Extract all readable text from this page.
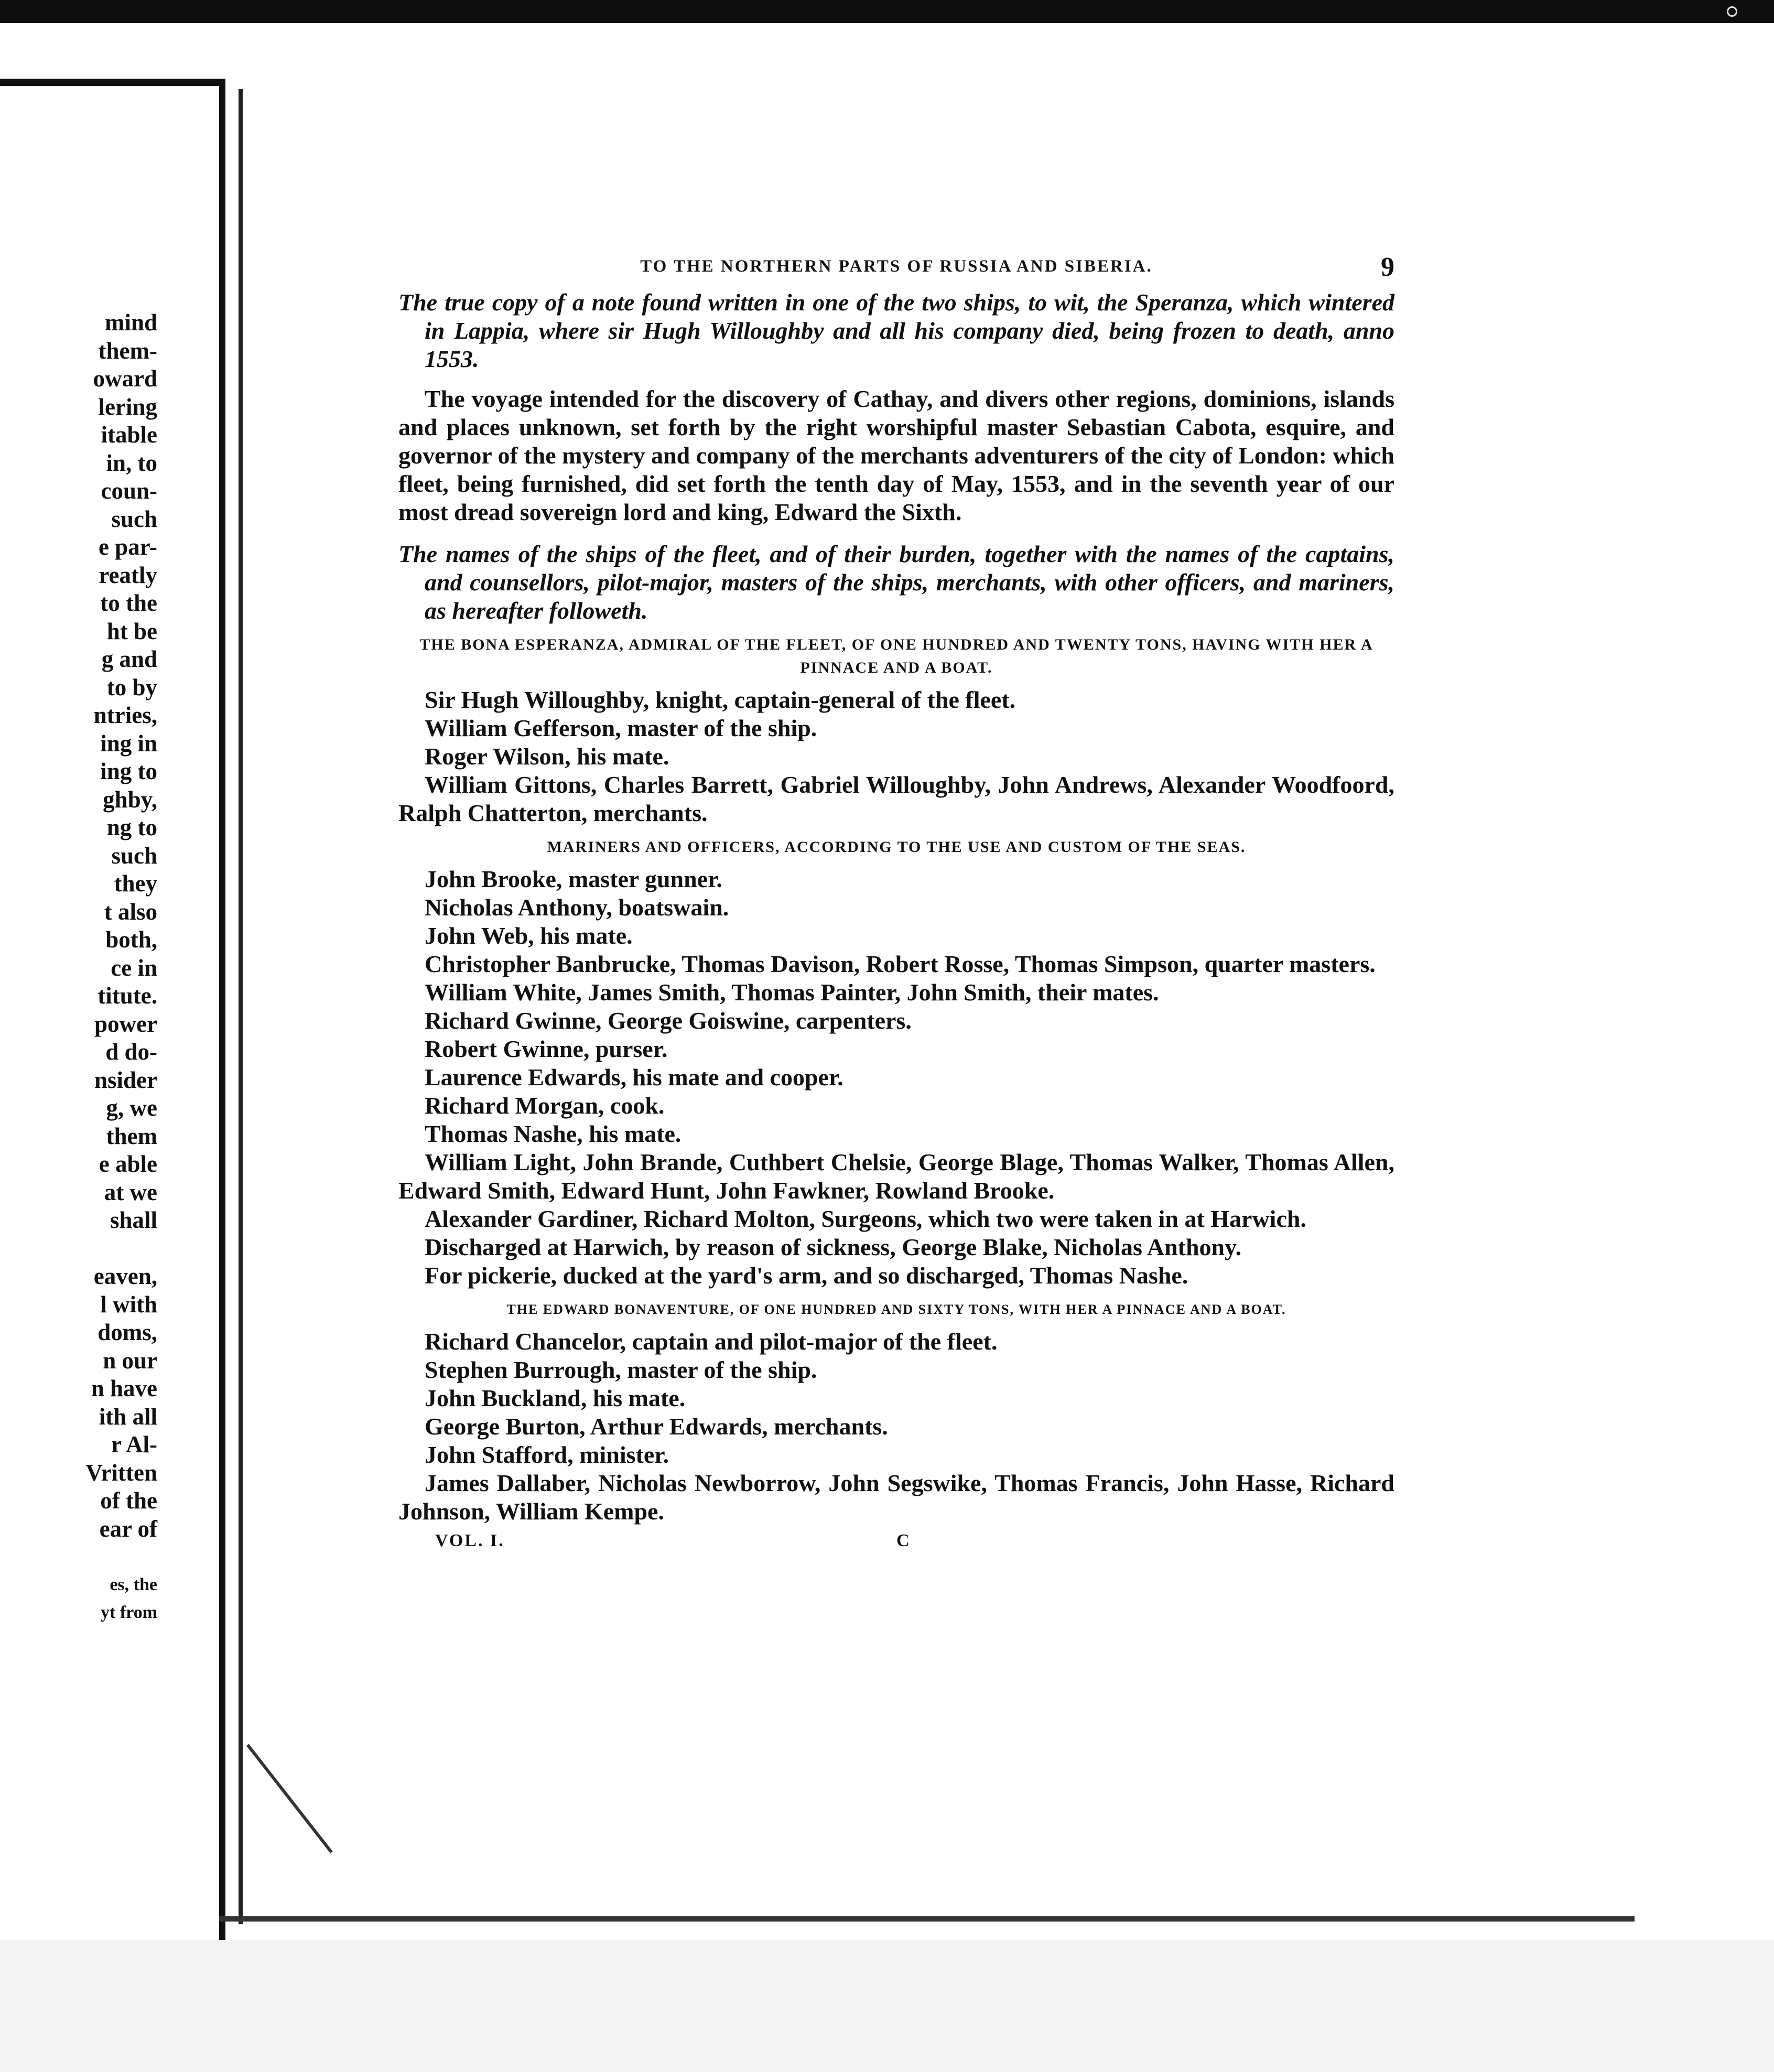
mind
them-
oward
lering
itable
in, to
coun-
such
e par-
reatly
to the
ht be
g and
to by
ntries,
ing in
ing to
ghby,
ng to
such
they
t also
both,
ce in
titute.
power
d do-
nsider
g, we
them
e able
at we
shall
eaven,
l with
doms,
n our
n have
ith all
r Al-
Vritten
of the
ear of
es, the
yt from
TO THE NORTHERN PARTS OF RUSSIA AND SIBERIA.	9

The true copy of a note found written in one of the two ships, to wit, the Speranza, which wintered in Lappia, where sir Hugh Willoughby and all his company died, being frozen to death, anno 1553.

The voyage intended for the discovery of Cathay, and divers other regions, dominions, islands and places unknown, set forth by the right worshipful master Sebastian Cabota, esquire, and governor of the mystery and company of the merchants adventurers of the city of London: which fleet, being furnished, did set forth the tenth day of May, 1553, and in the seventh year of our most dread sovereign lord and king, Edward the Sixth.

The names of the ships of the fleet, and of their burden, together with the names of the captains, and counsellors, pilot-major, masters of the ships, merchants, with other officers, and mariners, as hereafter followeth.

THE BONA ESPERANZA, ADMIRAL OF THE FLEET, OF ONE HUNDRED AND TWENTY TONS, HAVING WITH HER A PINNACE AND A BOAT.

Sir Hugh Willoughby, knight, captain-general of the fleet.

William Gefferson, master of the ship.

Roger Wilson, his mate.

William Gittons, Charles Barrett, Gabriel Willoughby, John Andrews, Alexander Woodfoord, Ralph Chatterton, merchants.

MARINERS AND OFFICERS, ACCORDING TO THE USE AND CUSTOM OF THE SEAS.

John Brooke, master gunner.

Nicholas Anthony, boatswain.

John Web, his mate.

Christopher Banbrucke, Thomas Davison, Robert Rosse, Thomas Simpson, quarter masters.

William White, James Smith, Thomas Painter, John Smith, their mates.

Richard Gwinne, George Goiswine, carpenters.

Robert Gwinne, purser.

Laurence Edwards, his mate and cooper.

Richard Morgan, cook.

Thomas Nashe, his mate.

William Light, John Brande, Cuthbert Chelsie, George Blage, Thomas Walker, Thomas Allen, Edward Smith, Edward Hunt, John Fawkner, Rowland Brooke.

Alexander Gardiner, Richard Molton, Surgeons, which two were taken in at Harwich.

Discharged at Harwich, by reason of sickness, George Blake, Nicholas Anthony.

For pickerie, ducked at the yard's arm, and so discharged, Thomas Nashe.

THE EDWARD BONAVENTURE, OF ONE HUNDRED AND SIXTY TONS, WITH HER A PINNACE AND A BOAT.

Richard Chancelor, captain and pilot-major of the fleet.

Stephen Burrough, master of the ship.

John Buckland, his mate.

George Burton, Arthur Edwards, merchants.

John Stafford, minister.

James Dallaber, Nicholas Newborrow, John Segswike, Thomas Francis, John Hasse, Richard Johnson, William Kempe.

VOL. I.	C
